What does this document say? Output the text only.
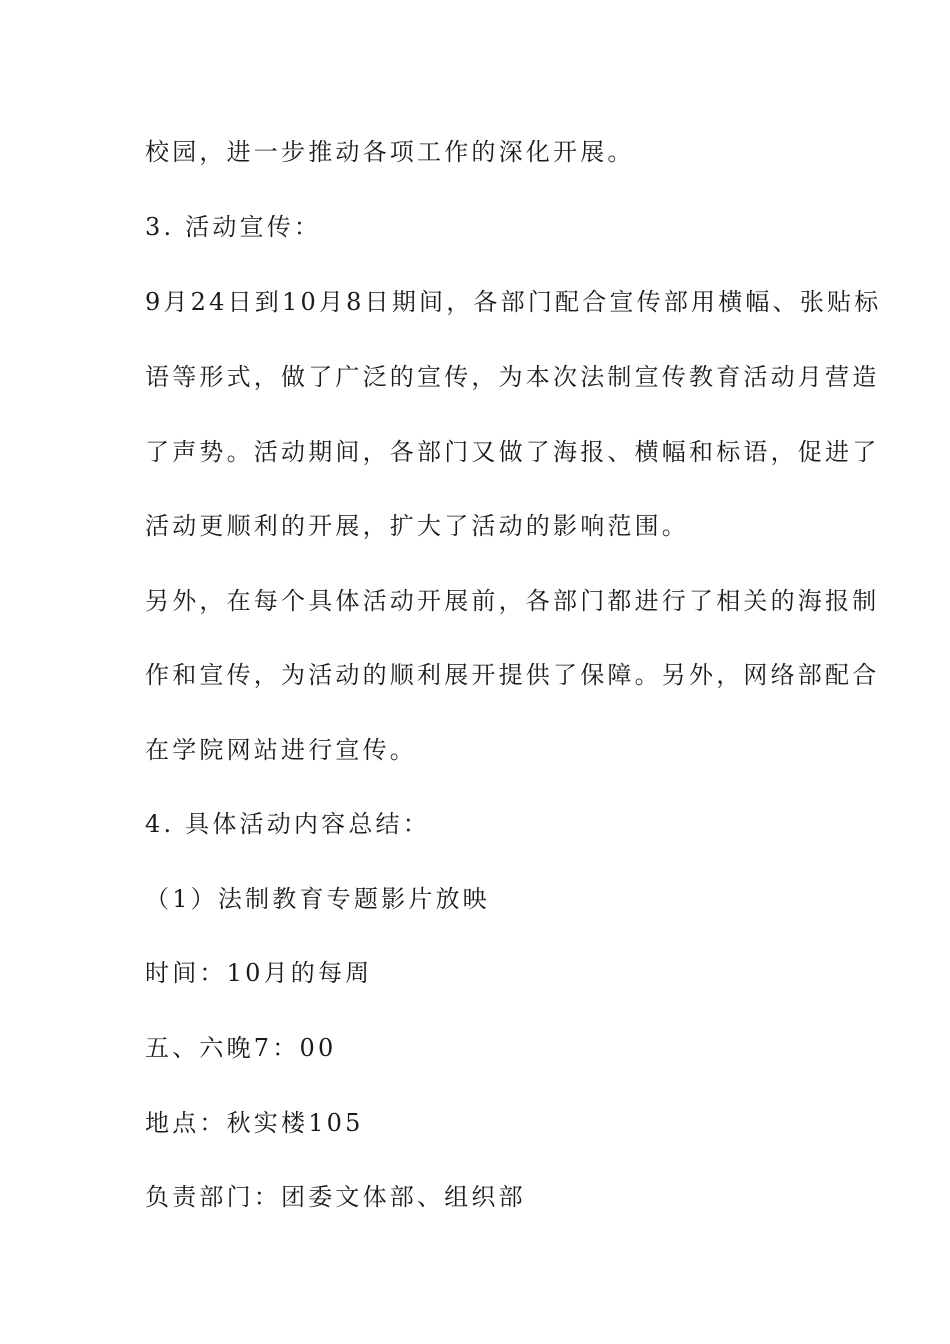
校园，进一步推动各项工作的深化开展。

3. 活动宣传：

9月24日到10月8日期间，各部门配合宣传部用横幅、张贴标

语等形式，做了广泛的宣传，为本次法制宣传教育活动月营造

了声势。活动期间，各部门又做了海报、横幅和标语，促进了

活动更顺利的开展，扩大了活动的影响范围。

另外，在每个具体活动开展前，各部门都进行了相关的海报制

作和宣传，为活动的顺利展开提供了保障。另外，网络部配合

在学院网站进行宣传。

4. 具体活动内容总结：

（1）法制教育专题影片放映

时间：10月的每周

五、六晚7：00

地点：秋实楼105

负责部门：团委文体部、组织部
